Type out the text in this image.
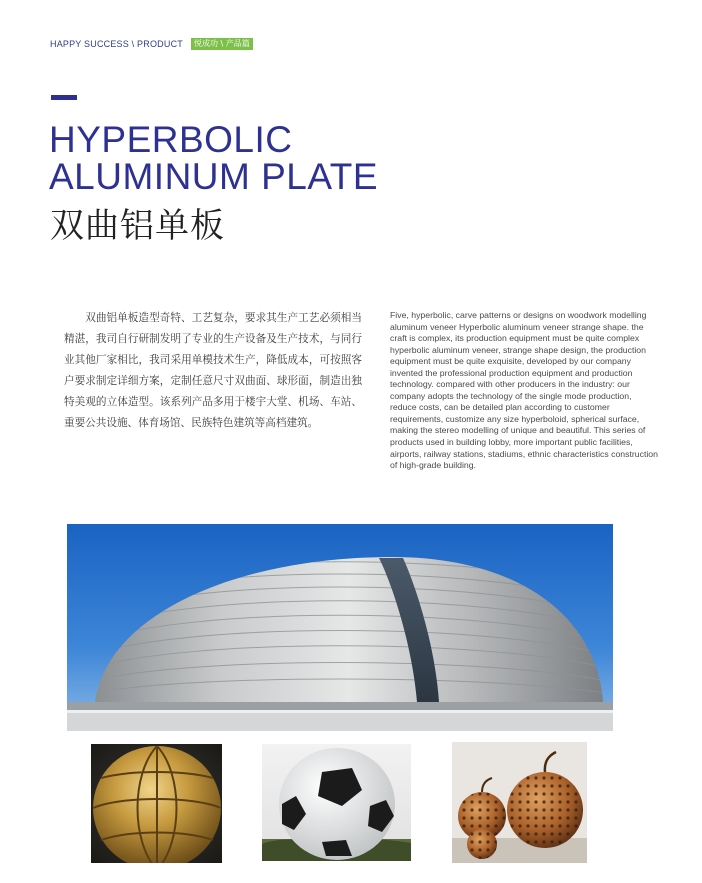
HAPPY SUCCESS \ PRODUCT	悦成功 \ 产品篇
HYPERBOLIC
ALUMINUM PLATE
双曲铝单板

双曲铝单板造型奇特、工艺复杂，要求其生产工艺必须相当精湛，我司自行研制发明了专业的生产设备及生产技术，与同行业其他厂家相比，我司采用单模技术生产，降低成本，可按照客户要求制定详细方案，定制任意尺寸双曲面、球形面，制造出独特美观的立体造型。该系列产品多用于楼宇大堂、机场、车站、重要公共设施、体育场馆、民族特色建筑等高档建筑。

Five, hyperbolic, carve patterns or designs on woodwork modelling aluminum veneer Hyperbolic aluminum veneer strange shape. the craft is complex, its production equipment must be quite complex hyperbolic aluminum veneer, strange shape design, the production equipment must be quite exquisite, developed by our company invented the professional production equipment and production technology. compared with other producers in the industry: our company adopts the technology of the single mode production, reduce costs, can be detailed plan according to customer requirements, customize any size hyperboloid, spherical surface, making the stereo modelling of unique and beautiful. This series of products used in building lobby, more important public facilities, airports, railway stations, stadiums, ethnic characteristics construction of high-grade building.
